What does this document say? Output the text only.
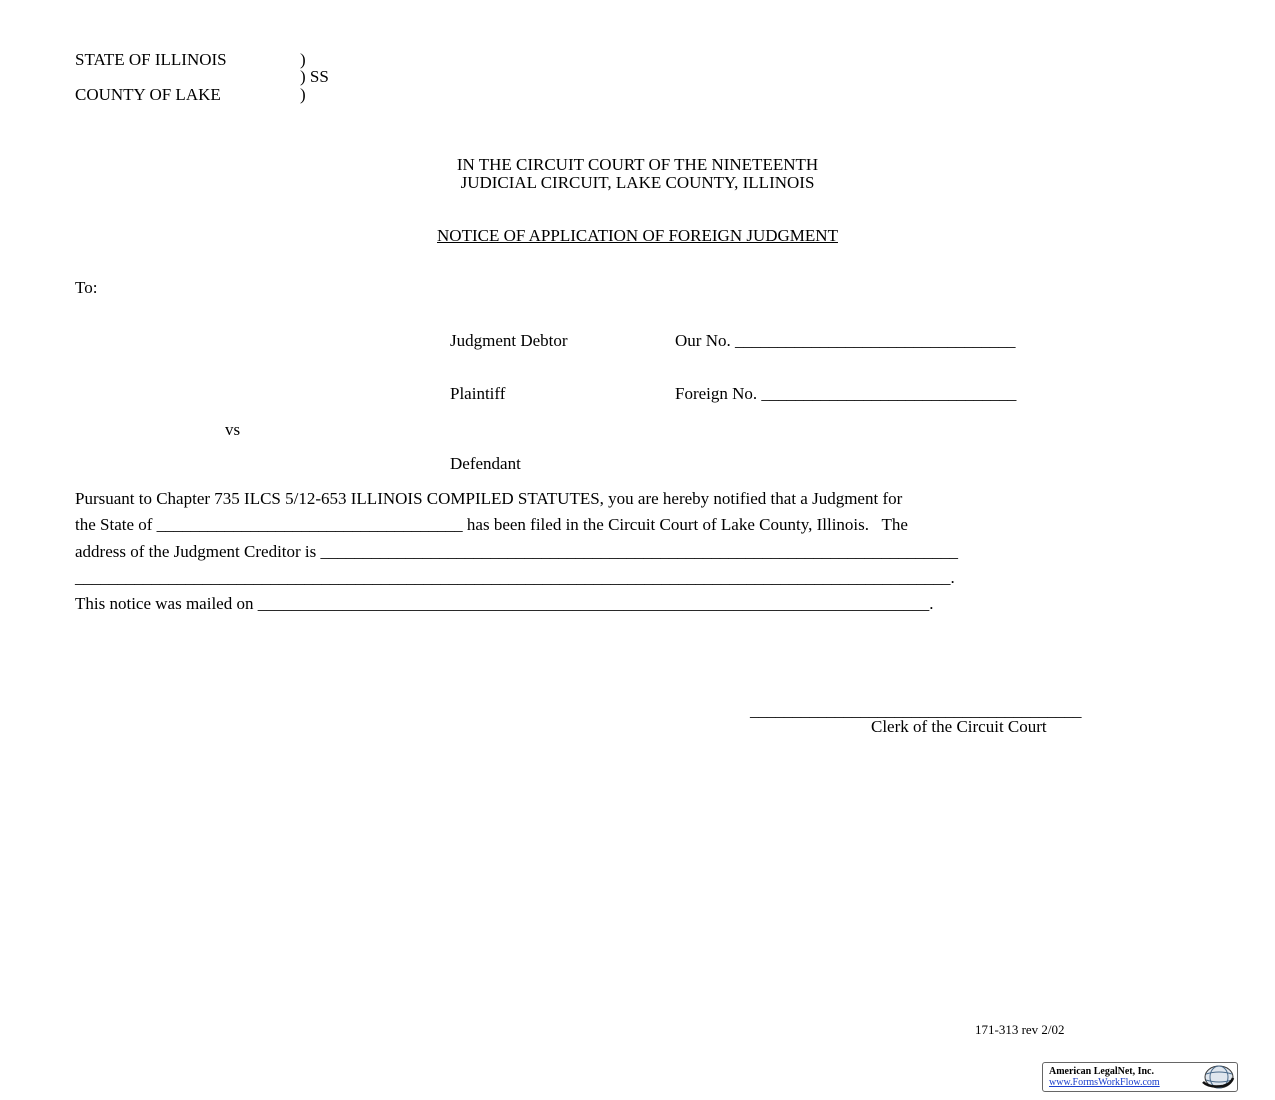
STATE OF ILLINOIS	)
) SS
COUNTY OF LAKE	)
IN THE CIRCUIT COURT OF THE NINETEENTH
JUDICIAL CIRCUIT, LAKE COUNTY, ILLINOIS
NOTICE OF APPLICATION OF FOREIGN JUDGMENT
To:
Judgment Debtor	Our No. _________________________________
Plaintiff	Foreign No. ______________________________
vs
Defendant
Pursuant to Chapter 735 ILCS 5/12-653 ILLINOIS COMPILED STATUTES, you are hereby notified that a Judgment for
the State of ____________________________________ has been filed in the Circuit Court of Lake County, Illinois.   The
address of the Judgment Creditor is ___________________________________________________________________________
_______________________________________________________________________________________________________.
This notice was mailed on _______________________________________________________________________________.
_______________________________________
Clerk of the Circuit Court
171-313 rev 2/02
American LegalNet, Inc.
www.FormsWorkFlow.com
